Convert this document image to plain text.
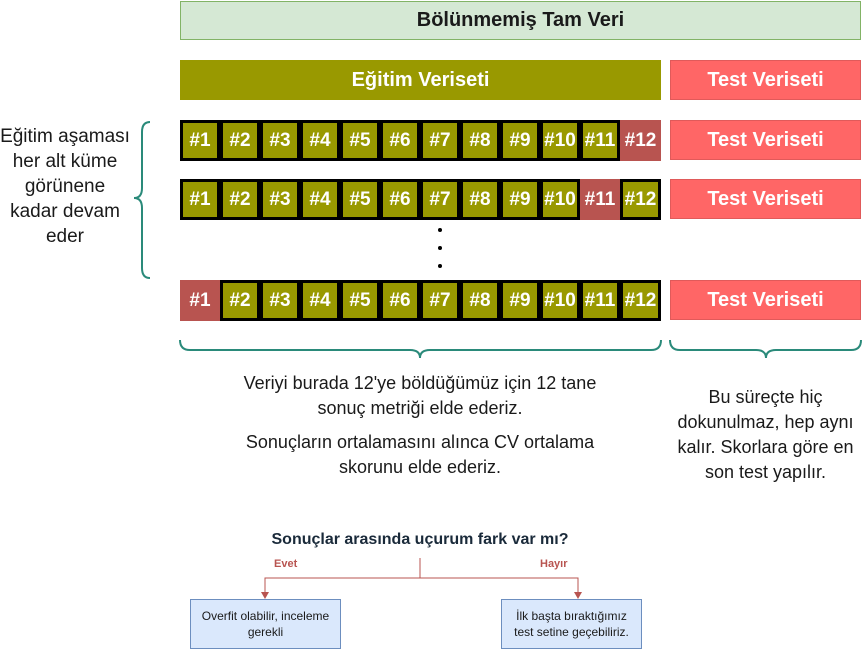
Bölünmemiş Tam Veri
Eğitim Veriseti	Test Veriseti
#1 #2 #3 #4 #5 #6 #7 #8 #9 #10 #11 #12	Test Veriseti
#1 #2 #3 #4 #5 #6 #7 #8 #9 #10 #11 #12	Test Veriseti
#1 #2 #3 #4 #5 #6 #7 #8 #9 #10 #11 #12	Test Veriseti
Eğitim aşaması her alt küme görünene kadar devam eder
Veriyi burada 12'ye böldüğümüz için 12 tane sonuç metriği elde ederiz.
Sonuçların ortalamasını alınca CV ortalama skorunu elde ederiz.
Bu süreçte hiç dokunulmaz, hep aynı kalır. Skorlara göre en son test yapılır.
Sonuçlar arasında uçurum fark var mı?
Evet	Hayır
Overfit olabilir, inceleme gerekli
İlk başta bıraktığımız test setine geçebiliriz.
